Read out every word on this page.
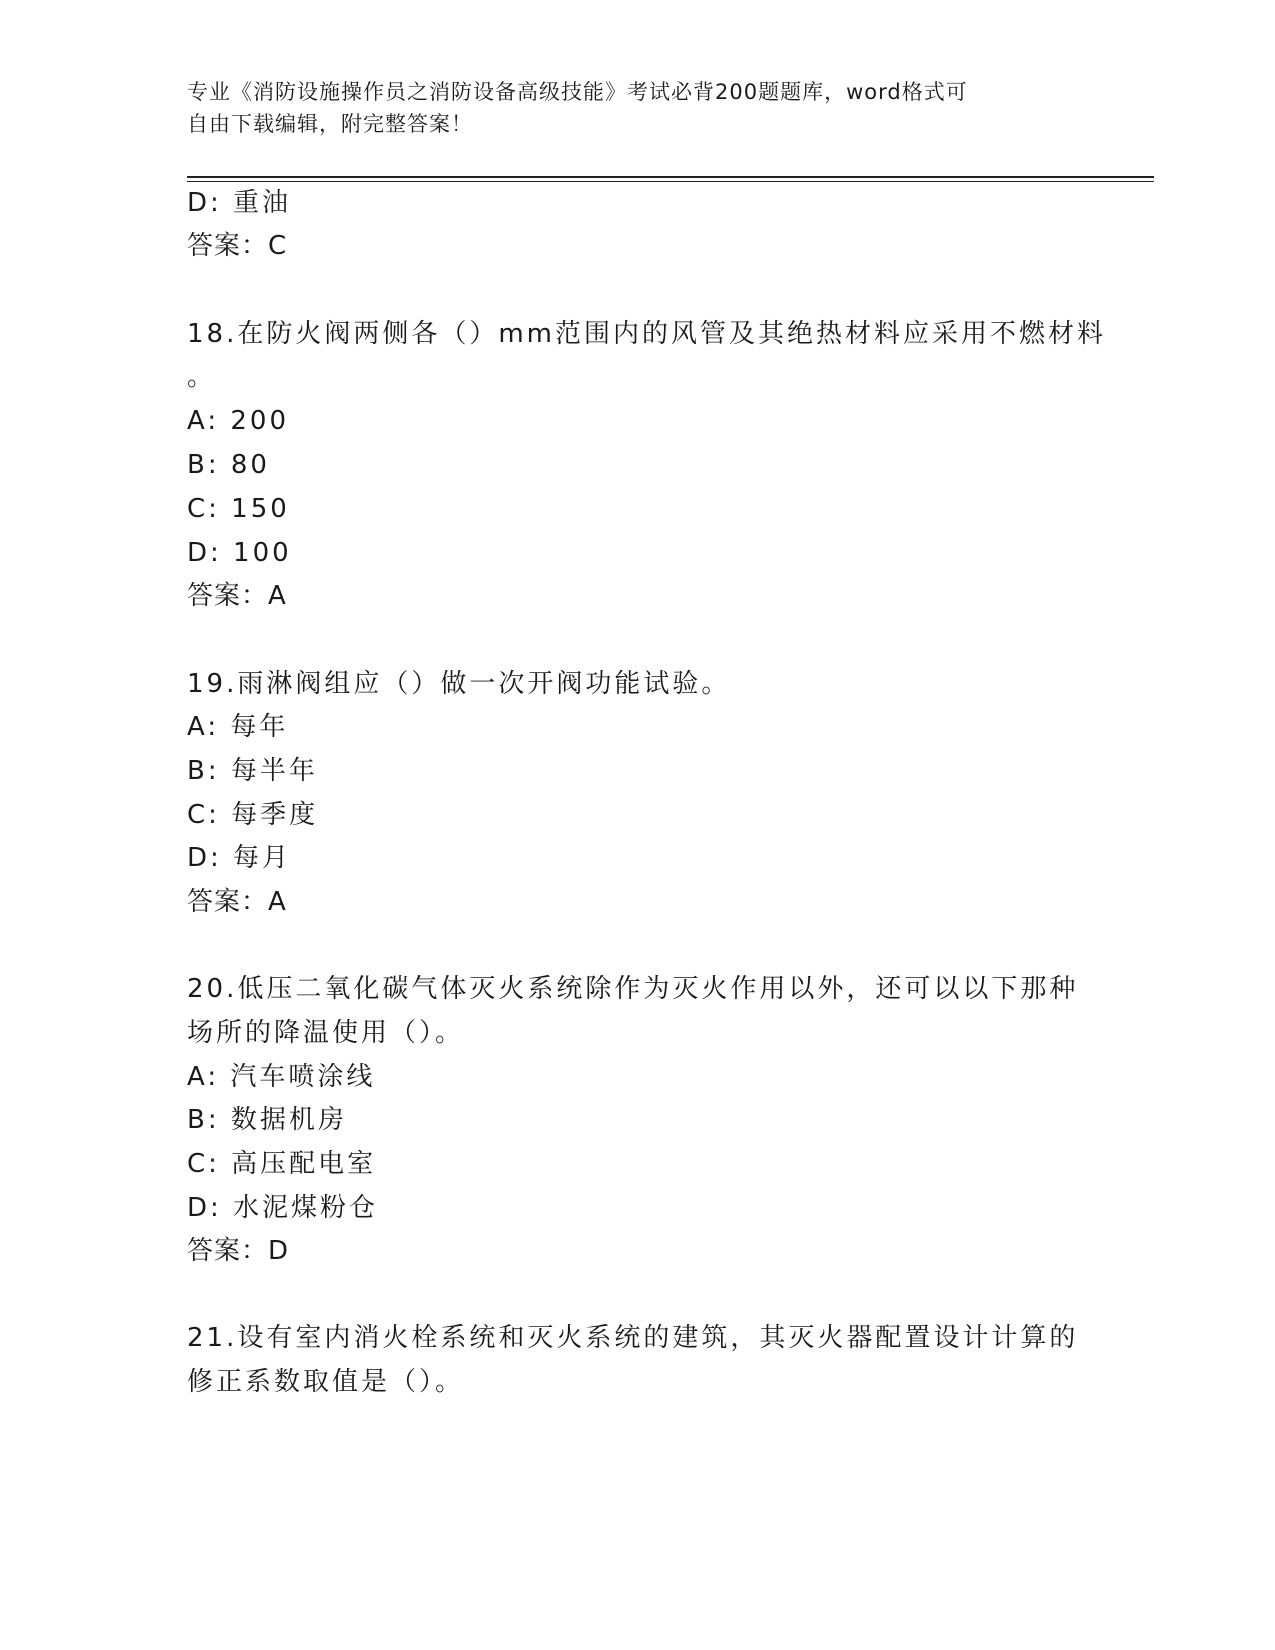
专业《消防设施操作员之消防设备高级技能》考试必背200题题库，word格式可
自由下载编辑，附完整答案！
D: 重油
答案：C
18.在防火阀两侧各（）mm范围内的风管及其绝热材料应采用不燃材料
。
A: 200
B: 80
C: 150
D: 100
答案：A
19.雨淋阀组应（）做一次开阀功能试验。
A: 每年
B: 每半年
C: 每季度
D: 每月
答案：A
20.低压二氧化碳气体灭火系统除作为灭火作用以外，还可以以下那种
场所的降温使用（）。
A: 汽车喷涂线
B: 数据机房
C: 高压配电室
D: 水泥煤粉仓
答案：D
21.设有室内消火栓系统和灭火系统的建筑，其灭火器配置设计计算的
修正系数取值是（）。
